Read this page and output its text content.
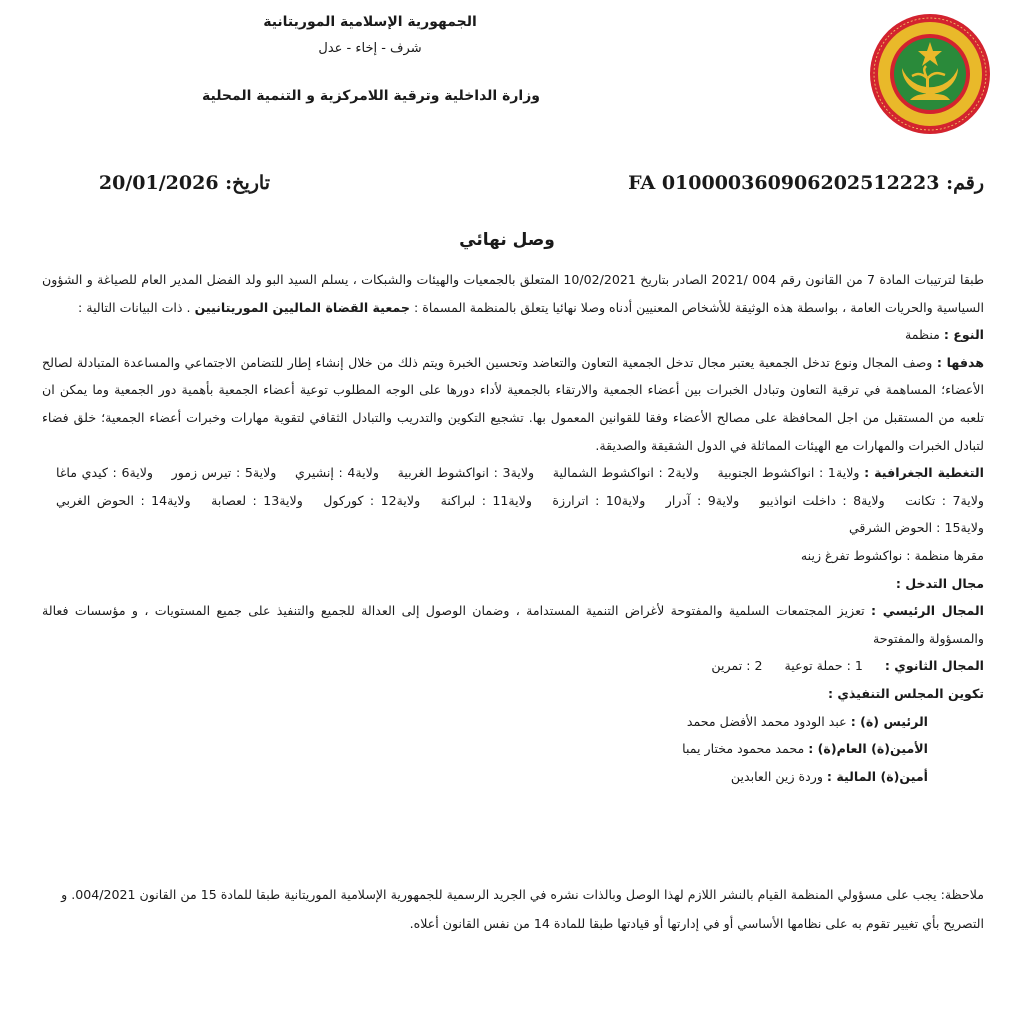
الجمهورية الإسلامية الموريتانية
شرف - إخاء - عدل
وزارة الداخلية وترقية اللامركزية و التنمية المحلية
رقم: FA 010000360906202512223
تاريخ: 20/01/2026
وصل نهائي

طبقا لترتيبات المادة 7 من القانون رقم 004 /2021 الصادر بتاريخ 10/02/2021 المتعلق بالجمعيات والهيئات والشبكات ، يسلم السيد البو ولد الفضل المدير العام للصياغة و الشؤون السياسية والحريات العامة ، بواسطة هذه الوثيقة للأشخاص المعنيين أدناه وصلا نهائيا يتعلق بالمنظمة المسماة : جمعية القضاة الماليين الموريتانيين . ذات البيانات التالية :

النوع : منظمة

هدفها : وصف المجال ونوع تدخل الجمعية يعتبر مجال تدخل الجمعية التعاون والتعاضد وتحسين الخبرة ويتم ذلك من خلال إنشاء إطار للتضامن الاجتماعي والمساعدة المتبادلة لصالح الأعضاء؛ المساهمة في ترقية التعاون وتبادل الخبرات بين أعضاء الجمعية والارتقاء بالجمعية لأداء دورها على الوجه المطلوب توعية أعضاء الجمعية بأهمية دور الجمعية وما يمكن ان تلعبه من المستقبل من اجل المحافظة على مصالح الأعضاء وفقا للقوانين المعمول بها. تشجيع التكوين والتدريب والتبادل الثقافي لتقوية مهارات وخبرات أعضاء الجمعية؛ خلق فضاء لتبادل الخبرات والمهارات مع الهيئات المماثلة في الدول الشقيقة والصديقة.

التغطية الجغرافية : ولاية1 : انواكشوط الجنوبية ولاية2 : انواكشوط الشمالية ولاية3 : انواكشوط الغربية ولاية4 : إنشيري ولاية5 : تيرس زمور ولاية6 : كيدي ماغا ولاية7 : تكانت ولاية8 : داخلت انواذيبو ولاية9 : آدرار ولاية10 : اترارزة ولاية11 : لبراكنة ولاية12 : كوركول ولاية13 : لعصابة ولاية14 : الحوض الغربي ولاية15 : الحوض الشرقي

مقرها منظمة : نواكشوط تفرغ زينه

مجال التدخل :

المجال الرئيسي : تعزيز المجتمعات السلمية والمفتوحة لأغراض التنمية المستدامة ، وضمان الوصول إلى العدالة للجميع والتنفيذ على جميع المستويات ، و مؤسسات فعالة والمسؤولة والمفتوحة

المجال الثانوي :  1 : حملة توعية  2 : تمرين

تكوين المجلس التنفيذي :

الرئيس (ة) : عبد الودود محمد الأفضل محمد

الأمين(ة) العام(ة) : محمد محمود مختار يمبا

أمين(ة) المالية : وردة زين العابدين

ملاحظة: يجب على مسؤولي المنظمة القيام بالنشر اللازم لهذا الوصل وبالذات نشره في الجريد الرسمية للجمهورية الإسلامية الموريتانية طبقا للمادة 15 من القانون 004/2021. و التصريح بأي تغيير تقوم به على نظامها الأساسي أو في إدارتها أو قيادتها طبقا للمادة 14 من نفس القانون أعلاه.
